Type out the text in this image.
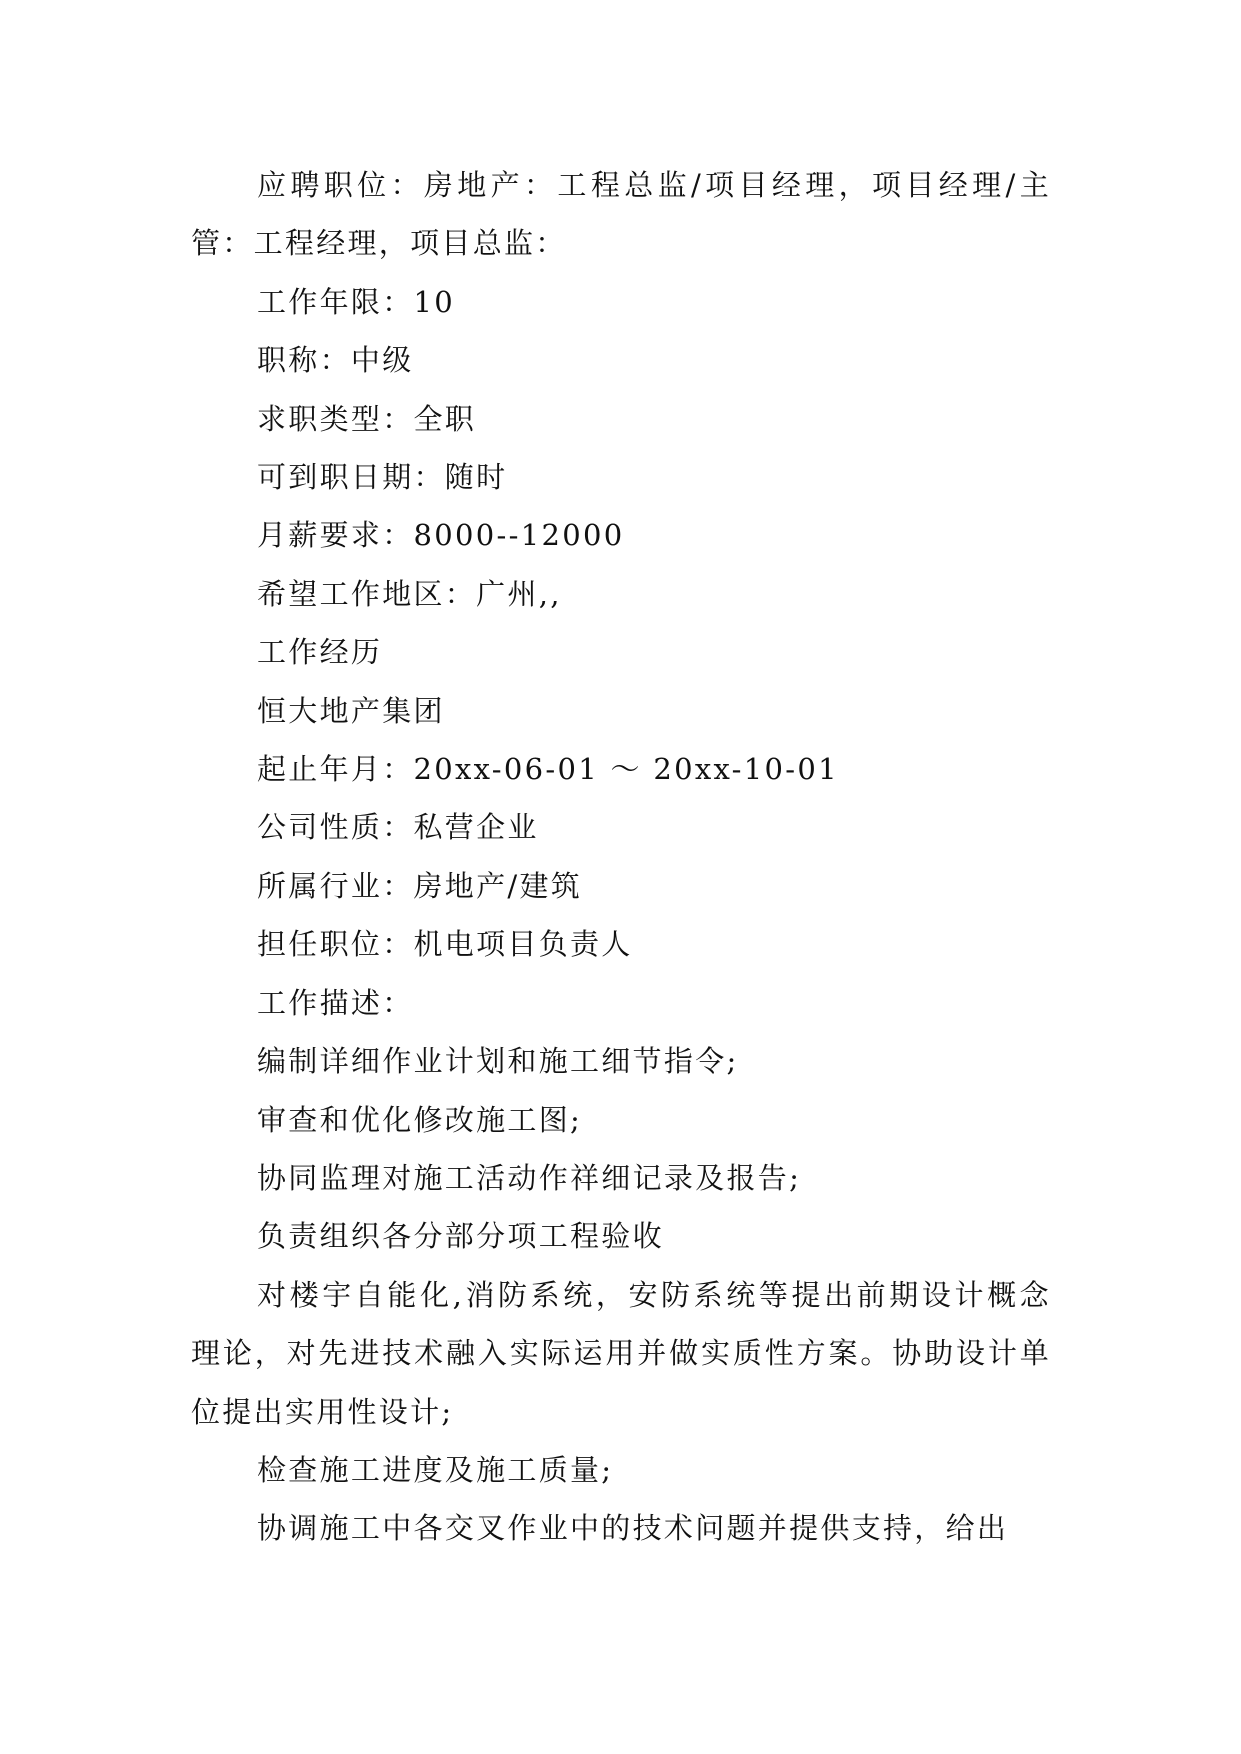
应聘职位：房地产：工程总监/项目经理，项目经理/主管：工程经理，项目总监：

工作年限：10

职称：中级

求职类型：全职

可到职日期：随时

月薪要求：8000--12000

希望工作地区：广州,,

工作经历

恒大地产集团

起止年月：20xx-06-01 ～ 20xx-10-01

公司性质：私营企业

所属行业：房地产/建筑

担任职位：机电项目负责人

工作描述：

编制详细作业计划和施工细节指令;

审查和优化修改施工图;

协同监理对施工活动作祥细记录及报告;

负责组织各分部分项工程验收

对楼宇自能化,消防系统，安防系统等提出前期设计概念理论，对先进技术融入实际运用并做实质性方案。协助设计单位提出实用性设计;

检查施工进度及施工质量;

协调施工中各交叉作业中的技术问题并提供支持，给出
